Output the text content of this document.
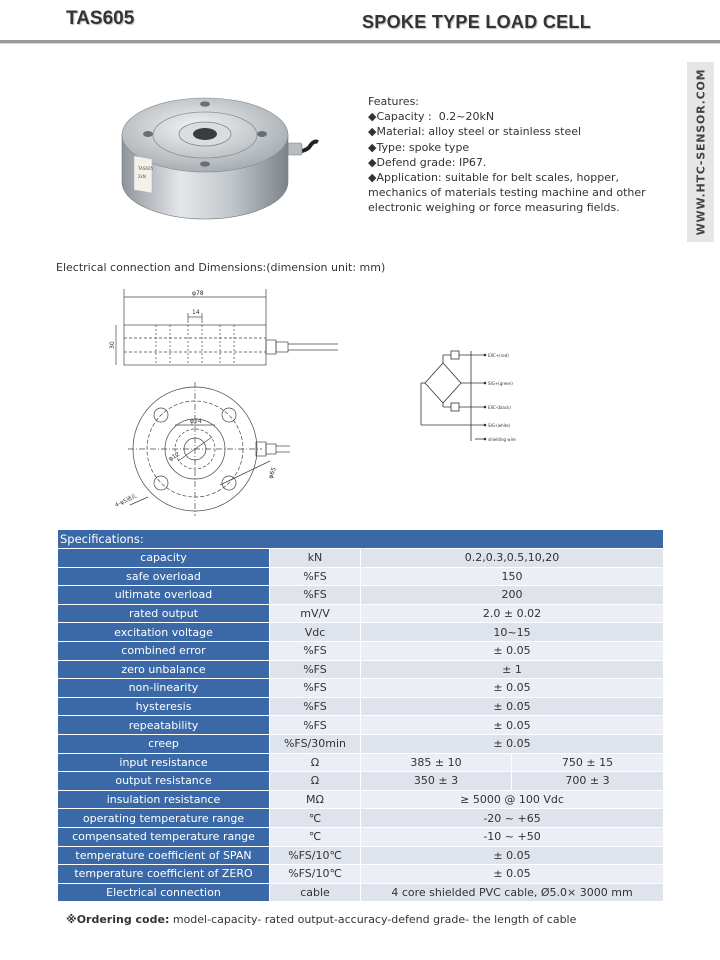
TAS605	SPOKE TYPE LOAD CELL
TAS605
2kN
Features:
◆ Capacity :  0.2~20kN
◆ Material: alloy steel or stainless steel
◆ Type: spoke type
◆ Defend grade: IP67.
◆ Application: suitable for belt scales, hopper, mechanics of materials testing machine and other electronic weighing or force measuring fields.	WWW.HTC-SENSOR.COM
Electrical connection and Dimensions:(dimension unit: mm)
φ78
14
30
φ24
φ12
φ65
4-φ5通孔
EXC+(red)
SIG+(green)
EXC-(black)
SIG-(white)
shielding wire
Specifications:			
capacity	kN	0.2,0.3,0.5,10,20	
safe overload	%FS	150	
ultimate overload	%FS	200	
rated output	mV/V	2.0 ± 0.02	
excitation voltage	Vdc	10~15	
combined error	%FS	± 0.05	
zero unbalance	%FS	± 1	
non-linearity	%FS	± 0.05	
hysteresis	%FS	± 0.05	
repeatability	%FS	± 0.05	
creep	%FS/30min	± 0.05	
input resistance	Ω	385 ± 10	750 ± 15
output resistance	Ω	350 ± 3	700 ± 3
insulation resistance	MΩ	≥ 5000 @ 100 Vdc	
operating temperature range	℃	-20 ~ +65	
compensated temperature range	℃	-10 ~ +50	
temperature coefficient of SPAN	%FS/10℃	± 0.05	
temperature coefficient of ZERO	%FS/10℃	± 0.05	
Electrical connection	cable	4 core shielded PVC cable, Ø5.0× 3000 mm	
※Ordering code: model-capacity- rated output-accuracy-defend grade- the length of cable
